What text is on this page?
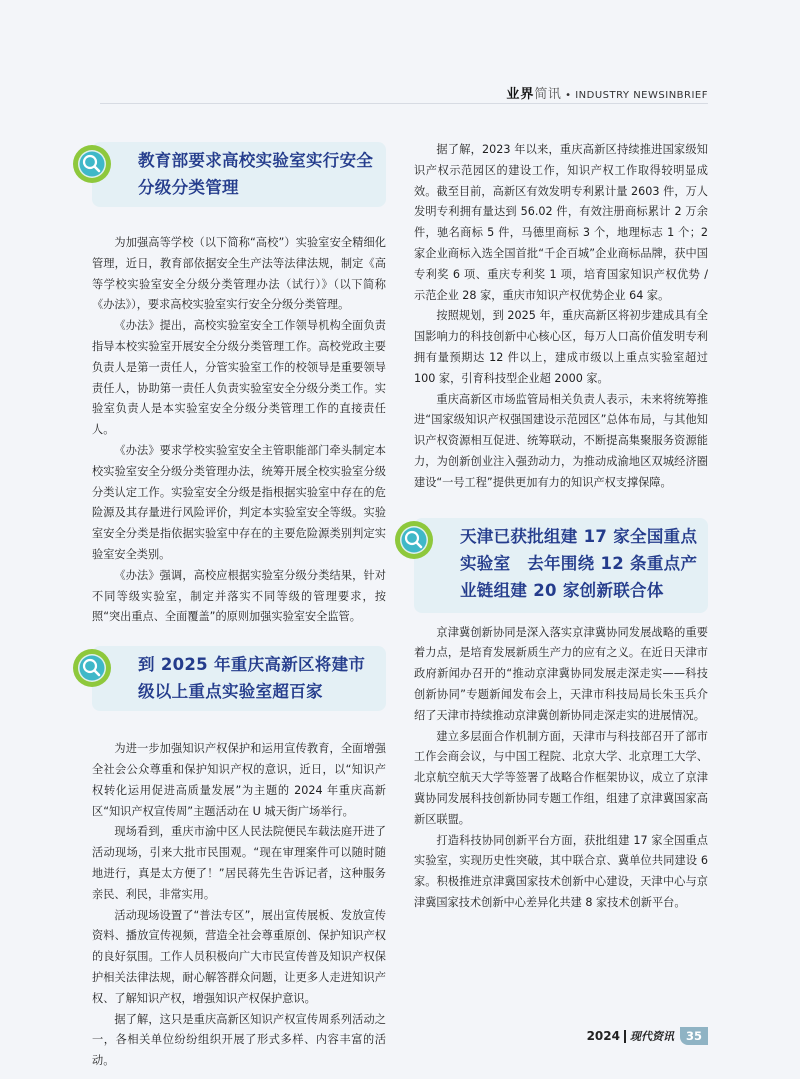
业界简讯 • INDUSTRY NEWSINBRIEF
教育部要求高校实验室实行安全分级分类管理

为加强高等学校（以下简称“高校”）实验室安全精细化管理，近日，教育部依据安全生产法等法律法规，制定《高等学校实验室安全分级分类管理办法（试行）》（以下简称《办法》），要求高校实验室实行安全分级分类管理。

《办法》提出，高校实验室安全工作领导机构全面负责指导本校实验室开展安全分级分类管理工作。高校党政主要负责人是第一责任人，分管实验室工作的校领导是重要领导责任人，协助第一责任人负责实验室安全分级分类工作。实验室负责人是本实验室安全分级分类管理工作的直接责任人。

《办法》要求学校实验室安全主管职能部门牵头制定本校实验室安全分级分类管理办法，统筹开展全校实验室分级分类认定工作。实验室安全分级是指根据实验室中存在的危险源及其存量进行风险评价，判定本实验室安全等级。实验室安全分类是指依据实验室中存在的主要危险源类别判定实验室安全类别。

《办法》强调，高校应根据实验室分级分类结果，针对不同等级实验室，制定并落实不同等级的管理要求，按照“突出重点、全面覆盖”的原则加强实验室安全监管。

到 2025 年重庆高新区将建市级以上重点实验室超百家

为进一步加强知识产权保护和运用宣传教育，全面增强全社会公众尊重和保护知识产权的意识，近日，以“知识产权转化运用促进高质量发展”为主题的 2024 年重庆高新区“知识产权宣传周”主题活动在 U 城天街广场举行。

现场看到，重庆市渝中区人民法院便民车载法庭开进了活动现场，引来大批市民围观。“现在审理案件可以随时随地进行，真是太方便了！”居民蒋先生告诉记者，这种服务亲民、利民，非常实用。

活动现场设置了“普法专区”，展出宣传展板、发放宣传资料、播放宣传视频，营造全社会尊重原创、保护知识产权的良好氛围。工作人员积极向广大市民宣传普及知识产权保护相关法律法规，耐心解答群众问题，让更多人走进知识产权、了解知识产权，增强知识产权保护意识。

据了解，这只是重庆高新区知识产权宣传周系列活动之一，各相关单位纷纷组织开展了形式多样、内容丰富的活动。

据了解，2023 年以来，重庆高新区持续推进国家级知识产权示范园区的建设工作，知识产权工作取得较明显成效。截至目前，高新区有效发明专利累计量 2603 件，万人发明专利拥有量达到 56.02 件，有效注册商标累计 2 万余件，驰名商标 5 件，马德里商标 3 个，地理标志 1 个；2 家企业商标入选全国首批“千企百城”企业商标品牌，获中国专利奖 6 项、重庆专利奖 1 项，培育国家知识产权优势 / 示范企业 28 家，重庆市知识产权优势企业 64 家。

按照规划，到 2025 年，重庆高新区将初步建成具有全国影响力的科技创新中心核心区，每万人口高价值发明专利拥有量预期达 12 件以上，建成市级以上重点实验室超过 100 家，引育科技型企业超 2000 家。

重庆高新区市场监管局相关负责人表示，未来将统筹推进“国家级知识产权强国建设示范园区”总体布局，与其他知识产权资源相互促进、统筹联动，不断提高集聚服务资源能力，为创新创业注入强劲动力，为推动成渝地区双城经济圈建设“一号工程”提供更加有力的知识产权支撑保障。

天津已获批组建 17 家全国重点实验室　去年围绕 12 条重点产业链组建 20 家创新联合体

京津冀创新协同是深入落实京津冀协同发展战略的重要着力点，是培育发展新质生产力的应有之义。在近日天津市政府新闻办召开的“推动京津冀协同发展走深走实——科技创新协同”专题新闻发布会上，天津市科技局局长朱玉兵介绍了天津市持续推动京津冀创新协同走深走实的进展情况。

建立多层面合作机制方面，天津市与科技部召开了部市工作会商会议，与中国工程院、北京大学、北京理工大学、北京航空航天大学等签署了战略合作框架协议，成立了京津冀协同发展科技创新协同专题工作组，组建了京津冀国家高新区联盟。

打造科技协同创新平台方面，获批组建 17 家全国重点实验室，实现历史性突破，其中联合京、冀单位共同建设 6 家。积极推进京津冀国家技术创新中心建设，天津中心与京津冀国家技术创新中心差异化共建 8 家技术创新平台。

2024 现代资讯	35
